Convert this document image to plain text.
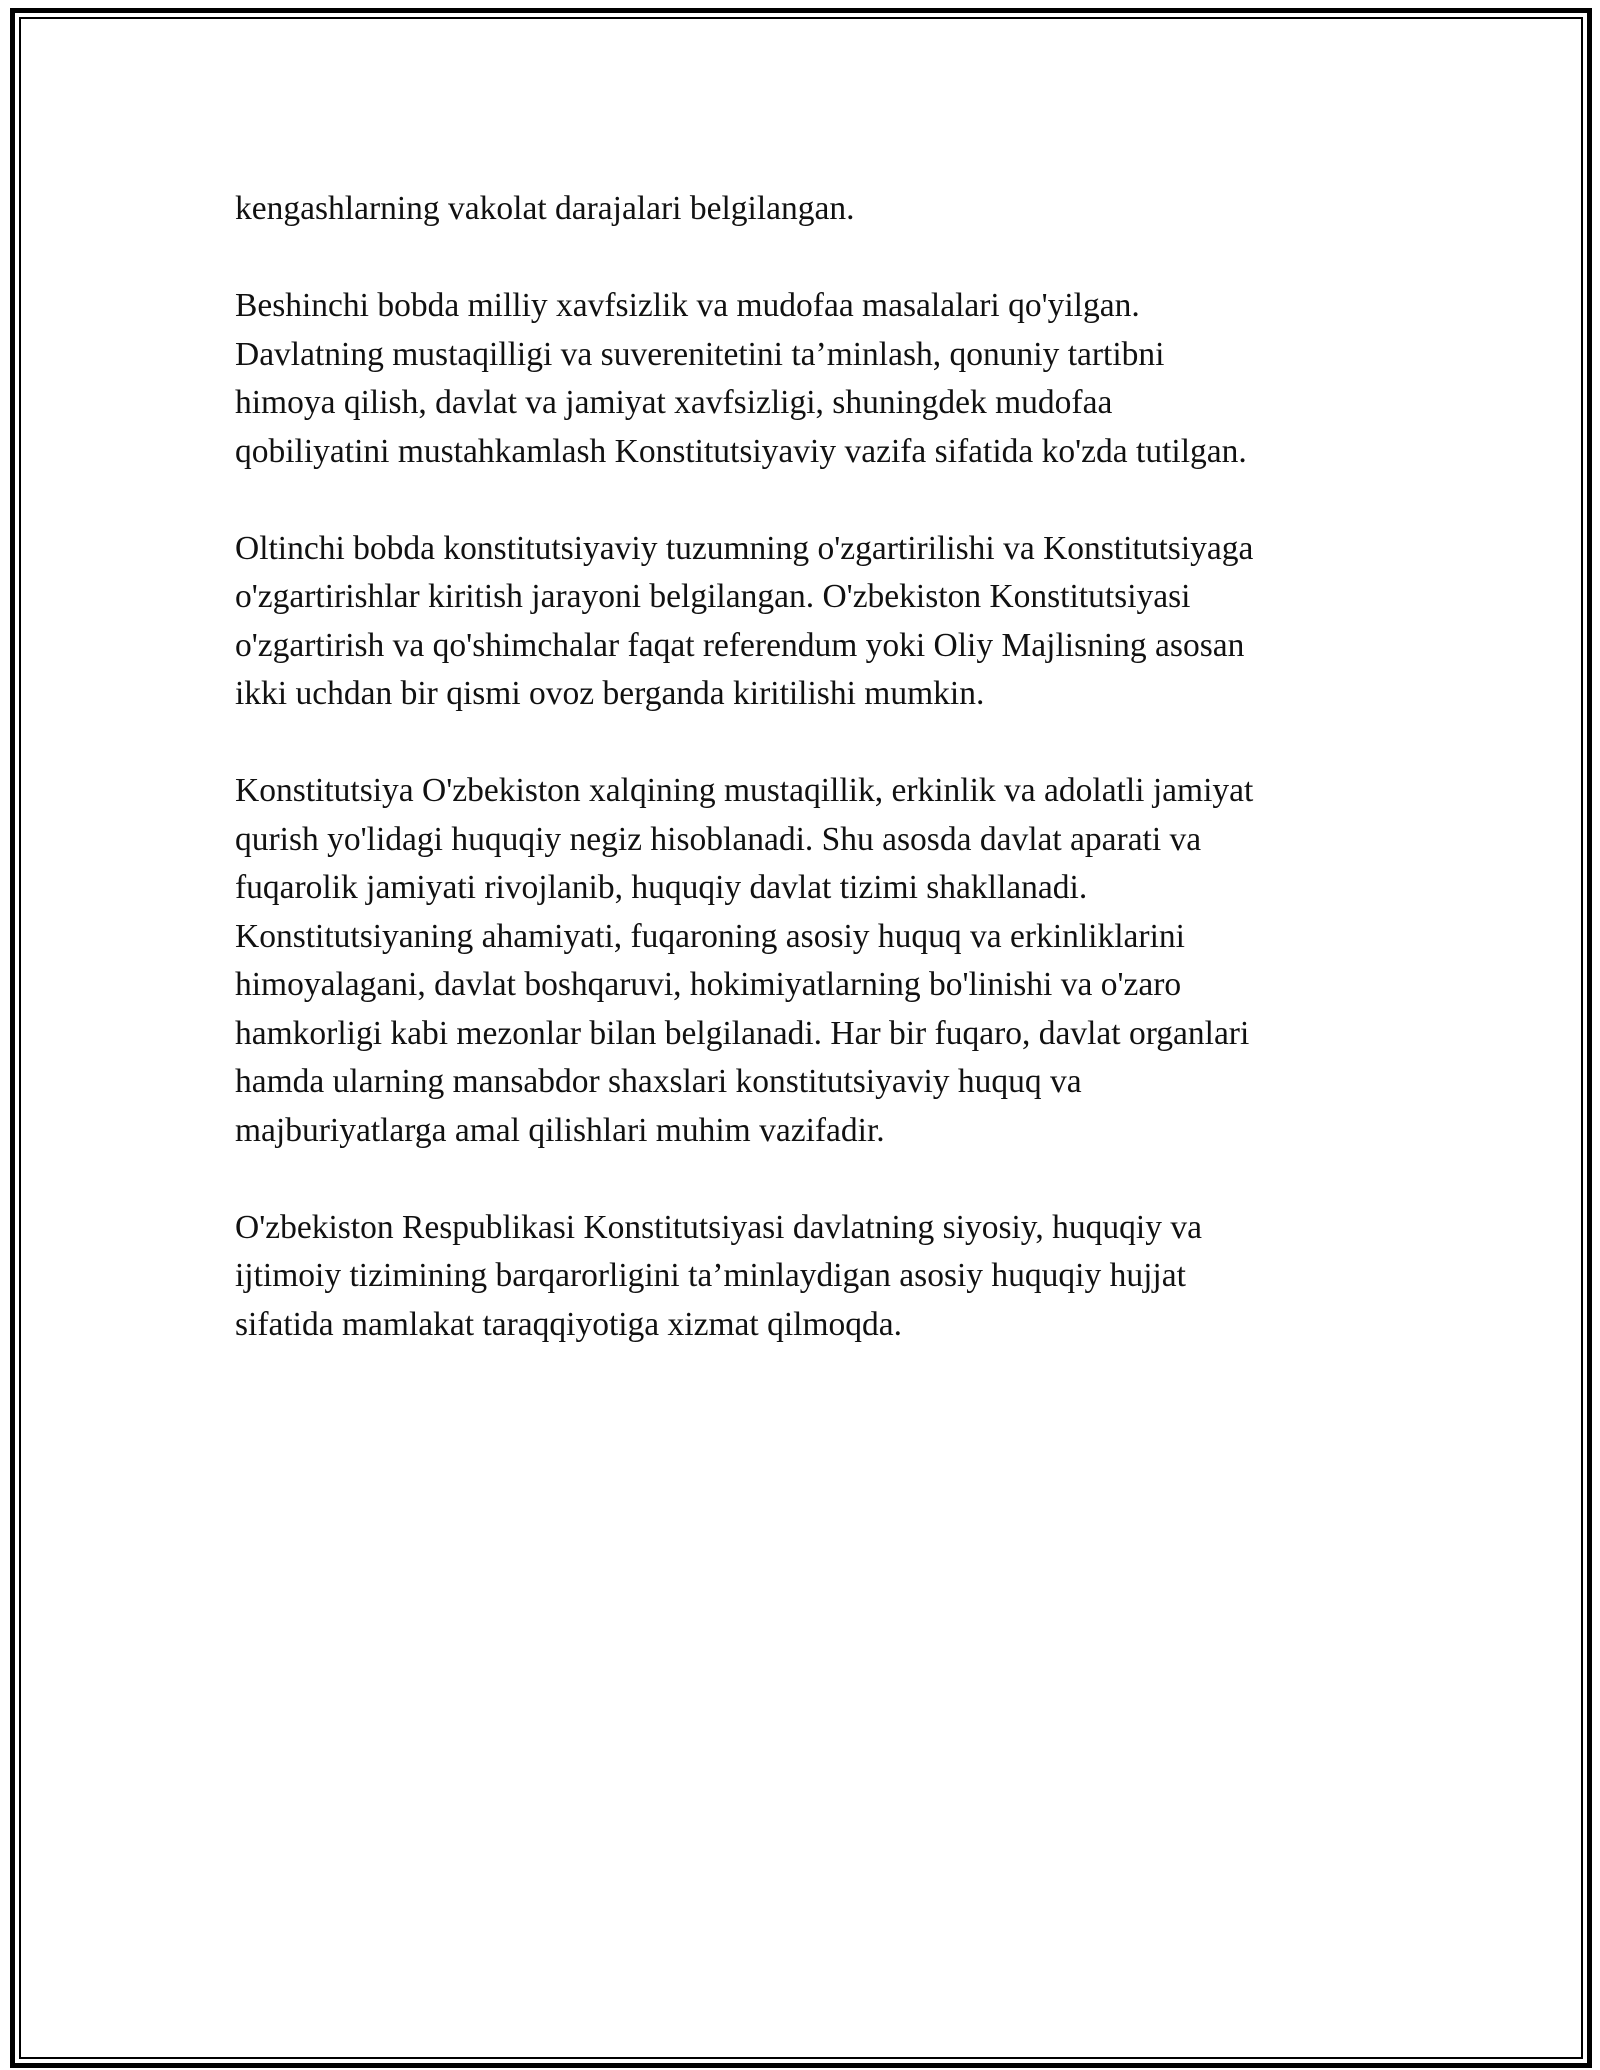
kengashlarning vakolat darajalari belgilangan.

Beshinchi bobda milliy xavfsizlik va mudofaa masalalari qo'yilgan.
Davlatning mustaqilligi va suverenitetini ta’minlash, qonuniy tartibni
himoya qilish, davlat va jamiyat xavfsizligi, shuningdek mudofaa
qobiliyatini mustahkamlash Konstitutsiyaviy vazifa sifatida ko'zda tutilgan.

Oltinchi bobda konstitutsiyaviy tuzumning o'zgartirilishi va Konstitutsiyaga
o'zgartirishlar kiritish jarayoni belgilangan. O'zbekiston Konstitutsiyasi
o'zgartirish va qo'shimchalar faqat referendum yoki Oliy Majlisning asosan
ikki uchdan bir qismi ovoz berganda kiritilishi mumkin.

Konstitutsiya O'zbekiston xalqining mustaqillik, erkinlik va adolatli jamiyat
qurish yo'lidagi huquqiy negiz hisoblanadi. Shu asosda davlat aparati va
fuqarolik jamiyati rivojlanib, huquqiy davlat tizimi shakllanadi.
Konstitutsiyaning ahamiyati, fuqaroning asosiy huquq va erkinliklarini
himoyalagani, davlat boshqaruvi, hokimiyatlarning bo'linishi va o'zaro
hamkorligi kabi mezonlar bilan belgilanadi. Har bir fuqaro, davlat organlari
hamda ularning mansabdor shaxslari konstitutsiyaviy huquq va
majburiyatlarga amal qilishlari muhim vazifadir.

O'zbekiston Respublikasi Konstitutsiyasi davlatning siyosiy, huquqiy va
ijtimoiy tizimining barqarorligini ta’minlaydigan asosiy huquqiy hujjat
sifatida mamlakat taraqqiyotiga xizmat qilmoqda.
